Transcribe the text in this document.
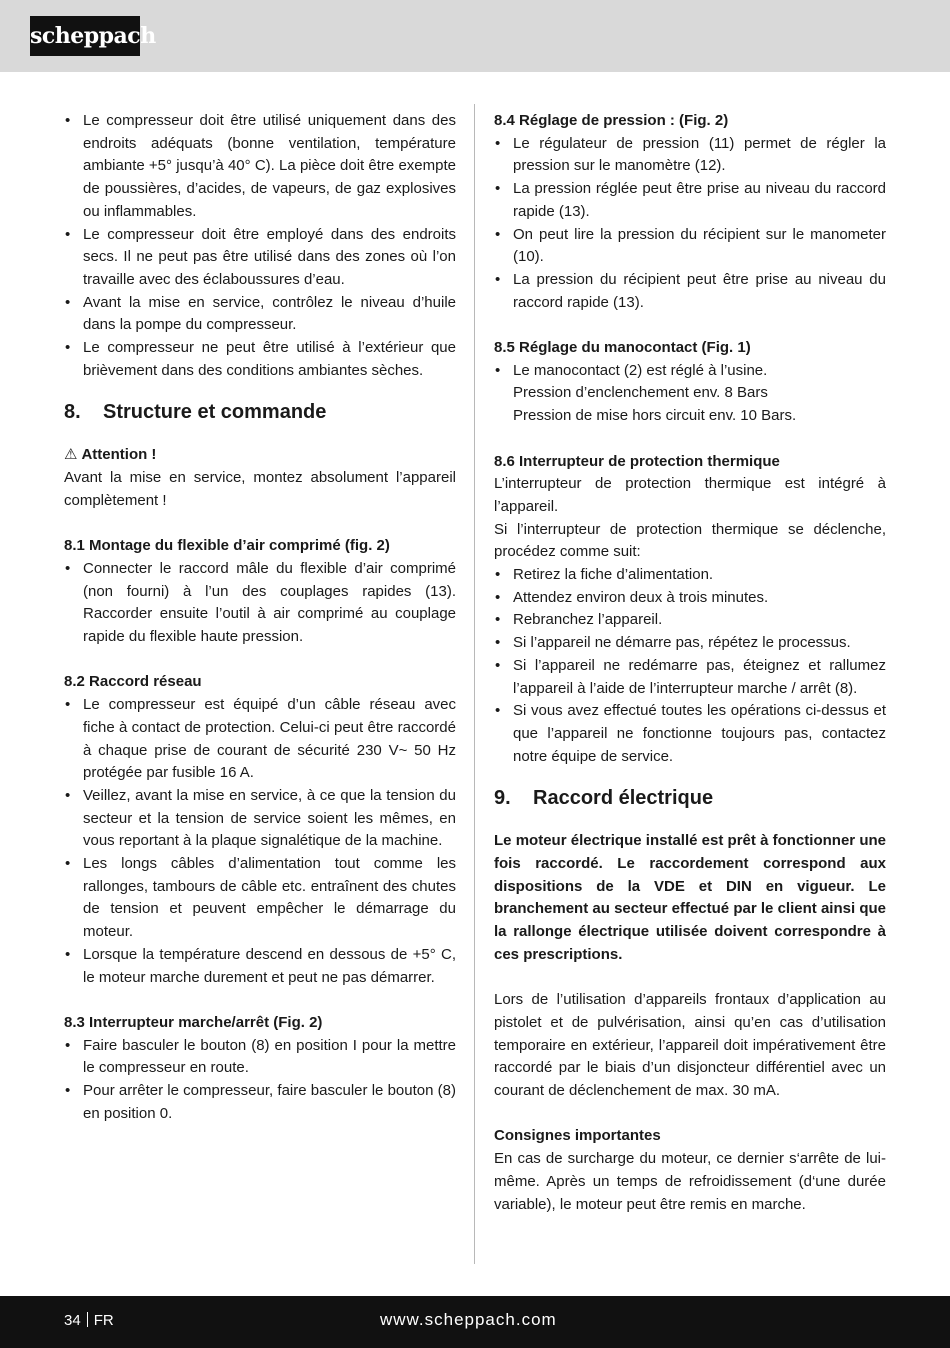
scheppach
• Le compresseur doit être utilisé uniquement dans des endroits adéquats (bonne ventilation, température ambiante +5° jusqu’à 40° C). La pièce doit être exempte de poussières, d’acides, de vapeurs, de gaz explosives ou inflammables.
• Le compresseur doit être employé dans des endroits secs. Il ne peut pas être utilisé dans des zones où l’on travaille avec des éclaboussures d’eau.
• Avant la mise en service, contrôlez le niveau d’huile dans la pompe du compresseur.
• Le compresseur ne peut être utilisé à l’extérieur que brièvement dans des conditions ambiantes sèches.
8. Structure et commande

⚠ Attention !

Avant la mise en service, montez absolument l’appareil complètement !

8.1 Montage du flexible d’air comprimé (fig. 2)

• Connecter le raccord mâle du flexible d’air comprimé (non fourni) à l’un des couplages rapides (13). Raccorder ensuite l’outil à air comprimé au couplage rapide du flexible haute pression.

8.2 Raccord réseau

• Le compresseur est équipé d’un câble réseau avec fiche à contact de protection. Celui-ci peut être raccordé à chaque prise de courant de sécurité 230 V~ 50 Hz protégée par fusible 16 A.
• Veillez, avant la mise en service, à ce que la tension du secteur et la tension de service soient les mêmes, en vous reportant à la plaque signalétique de la machine.
• Les longs câbles d’alimentation tout comme les rallonges, tambours de câble etc. entraînent des chutes de tension et peuvent empêcher le démarrage du moteur.
• Lorsque la température descend en dessous de +5° C, le moteur marche durement et peut ne pas démarrer.

8.3 Interrupteur marche/arrêt (Fig. 2)

• Faire basculer le bouton (8) en position I pour la mettre le compresseur en route.
• Pour arrêter le compresseur, faire basculer le bouton (8) en position 0.

8.4 Réglage de pression : (Fig. 2)

• Le régulateur de pression (11) permet de régler la pression sur le manomètre (12).
• La pression réglée peut être prise au niveau du raccord rapide (13).
• On peut lire la pression du récipient sur le manometer (10).
• La pression du récipient peut être prise au niveau du raccord rapide (13).

8.5 Réglage du manocontact (Fig. 1)

• Le manocontact (2) est réglé à l’usine.
Pression d’enclenchement env. 8 Bars
Pression de mise hors circuit env. 10 Bars.

8.6 Interrupteur de protection thermique

L’interrupteur de protection thermique est intégré à l’appareil.

Si l’interrupteur de protection thermique se déclenche, procédez comme suit:

• Retirez la fiche d’alimentation.
• Attendez environ deux à trois minutes.
• Rebranchez l’appareil.
• Si l’appareil ne démarre pas, répétez le processus.
• Si l’appareil ne redémarre pas, éteignez et rallumez l’appareil à l’aide de l’interrupteur marche / arrêt (8).
• Si vous avez effectué toutes les opérations ci-dessus et que l’appareil ne fonctionne toujours pas, contactez notre équipe de service.
9. Raccord électrique

Le moteur électrique installé est prêt à fonctionner une fois raccordé. Le raccordement correspond aux dispositions de la VDE et DIN en vigueur. Le branchement au secteur effectué par le client ainsi que la rallonge électrique utilisée doivent correspondre à ces prescriptions.

Lors de l’utilisation d’appareils frontaux d’application au pistolet et de pulvérisation, ainsi qu’en cas d’utilisation temporaire en extérieur, l’appareil doit impérativement être raccordé par le biais d’un disjoncteur différentiel avec un courant de déclenchement de max. 30 mA.

Consignes importantes

En cas de surcharge du moteur, ce dernier s‘arrête de lui-même. Après un temps de refroidissement (d‘une durée variable), le moteur peut être remis en marche.

34 FR	www.scheppach.com
